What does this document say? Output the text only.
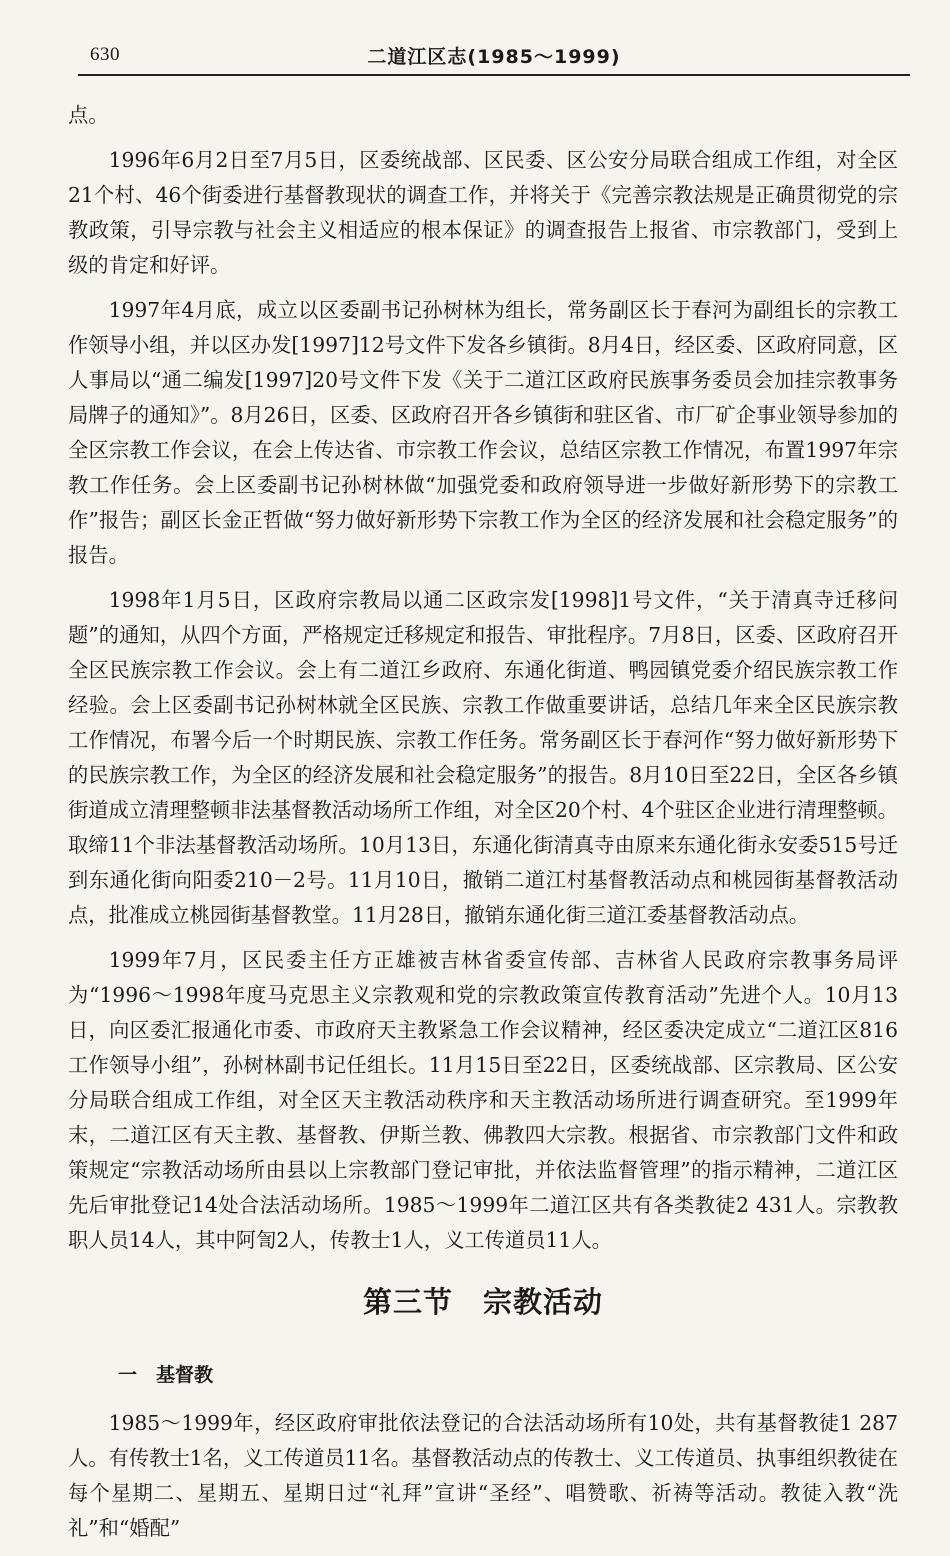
630	二道江区志(1985～1999)

点。

1996年6月2日至7月5日，区委统战部、区民委、区公安分局联合组成工作组，对全区21个村、46个街委进行基督教现状的调查工作，并将关于《完善宗教法规是正确贯彻党的宗教政策，引导宗教与社会主义相适应的根本保证》的调查报告上报省、市宗教部门，受到上级的肯定和好评。

1997年4月底，成立以区委副书记孙树林为组长，常务副区长于春河为副组长的宗教工作领导小组，并以区办发[1997]12号文件下发各乡镇街。8月4日，经区委、区政府同意，区人事局以“通二编发[1997]20号文件下发《关于二道江区政府民族事务委员会加挂宗教事务局牌子的通知》”。8月26日，区委、区政府召开各乡镇街和驻区省、市厂矿企事业领导参加的全区宗教工作会议，在会上传达省、市宗教工作会议，总结区宗教工作情况，布置1997年宗教工作任务。会上区委副书记孙树林做“加强党委和政府领导进一步做好新形势下的宗教工作”报告；副区长金正哲做“努力做好新形势下宗教工作为全区的经济发展和社会稳定服务”的报告。

1998年1月5日，区政府宗教局以通二区政宗发[1998]1号文件，“关于清真寺迁移问题”的通知，从四个方面，严格规定迁移规定和报告、审批程序。7月8日，区委、区政府召开全区民族宗教工作会议。会上有二道江乡政府、东通化街道、鸭园镇党委介绍民族宗教工作经验。会上区委副书记孙树林就全区民族、宗教工作做重要讲话，总结几年来全区民族宗教工作情况，布署今后一个时期民族、宗教工作任务。常务副区长于春河作“努力做好新形势下的民族宗教工作，为全区的经济发展和社会稳定服务”的报告。8月10日至22日，全区各乡镇街道成立清理整顿非法基督教活动场所工作组，对全区20个村、4个驻区企业进行清理整顿。取缔11个非法基督教活动场所。10月13日，东通化街清真寺由原来东通化街永安委515号迁到东通化街向阳委210－2号。11月10日，撤销二道江村基督教活动点和桃园街基督教活动点，批准成立桃园街基督教堂。11月28日，撤销东通化街三道江委基督教活动点。

1999年7月，区民委主任方正雄被吉林省委宣传部、吉林省人民政府宗教事务局评为“1996～1998年度马克思主义宗教观和党的宗教政策宣传教育活动”先进个人。10月13日，向区委汇报通化市委、市政府天主教紧急工作会议精神，经区委决定成立“二道江区816工作领导小组”，孙树林副书记任组长。11月15日至22日，区委统战部、区宗教局、区公安分局联合组成工作组，对全区天主教活动秩序和天主教活动场所进行调查研究。至1999年末，二道江区有天主教、基督教、伊斯兰教、佛教四大宗教。根据省、市宗教部门文件和政策规定“宗教活动场所由县以上宗教部门登记审批，并依法监督管理”的指示精神，二道江区先后审批登记14处合法活动场所。1985～1999年二道江区共有各类教徒2 431人。宗教教职人员14人，其中阿訇2人，传教士1人，义工传道员11人。

第三节　宗教活动
一 基督教

1985～1999年，经区政府审批依法登记的合法活动场所有10处，共有基督教徒1 287人。有传教士1名，义工传道员11名。基督教活动点的传教士、义工传道员、执事组织教徒在每个星期二、星期五、星期日过“礼拜”宣讲“圣经”、唱赞歌、祈祷等活动。教徒入教“洗礼”和“婚配”
